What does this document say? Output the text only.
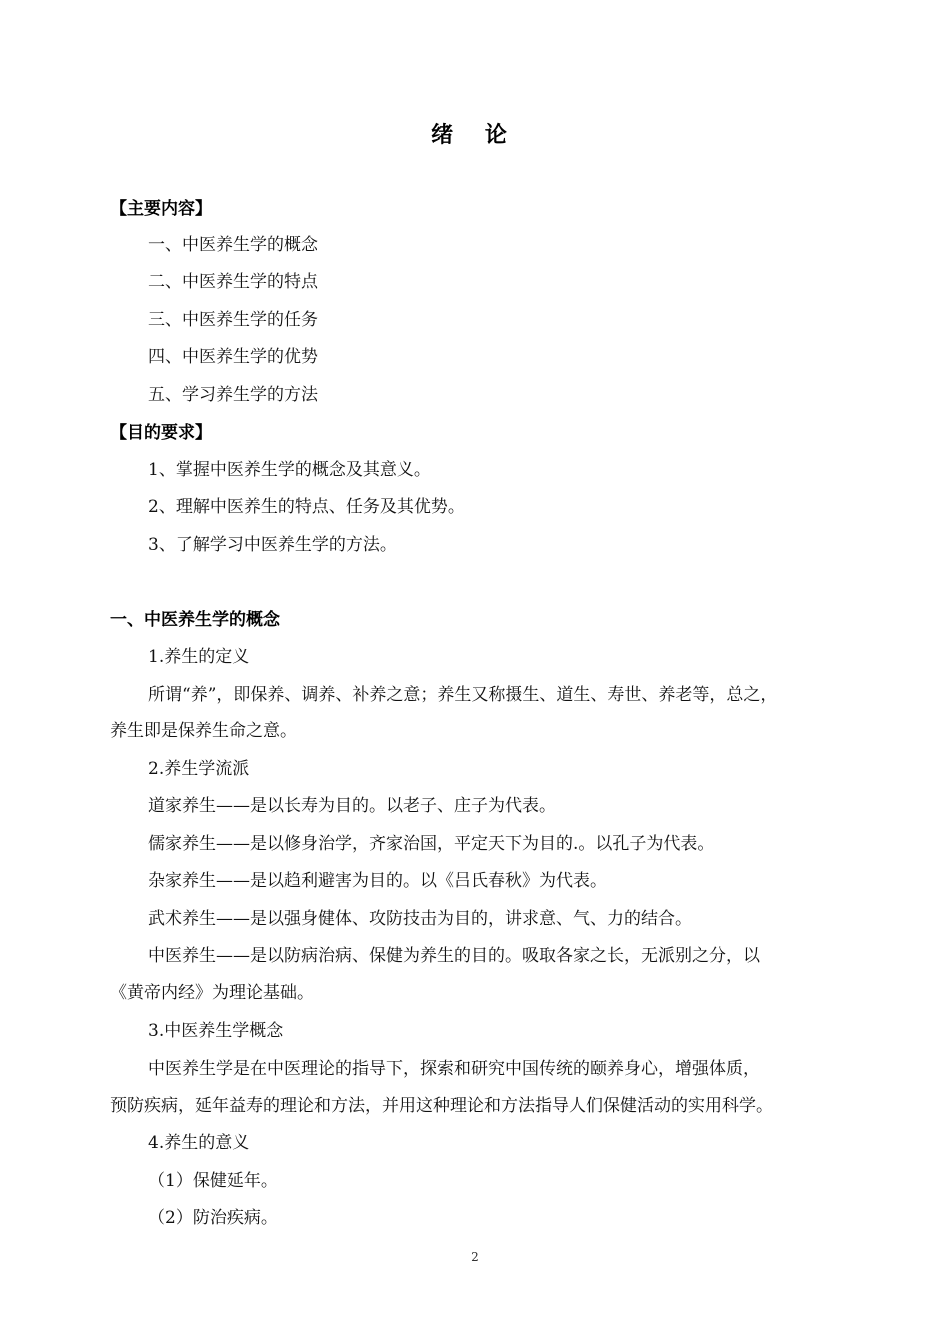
绪 论
【主要内容】
一、中医养生学的概念
二、中医养生学的特点
三、中医养生学的任务
四、中医养生学的优势
五、学习养生学的方法
【目的要求】
1、掌握中医养生学的概念及其意义。
2、理解中医养生的特点、任务及其优势。
3、了解学习中医养生学的方法。
一、中医养生学的概念
1.养生的定义
所谓“养”，即保养、调养、补养之意；养生又称摄生、道生、寿世、养老等，总之，
养生即是保养生命之意。
2.养生学流派
道家养生——是以长寿为目的。以老子、庄子为代表。
儒家养生——是以修身治学，齐家治国，平定天下为目的.。以孔子为代表。
杂家养生——是以趋利避害为目的。以《吕氏春秋》为代表。
武术养生——是以强身健体、攻防技击为目的，讲求意、气、力的结合。
中医养生——是以防病治病、保健为养生的目的。吸取各家之长，无派别之分，以
《黄帝内经》为理论基础。
3.中医养生学概念
中医养生学是在中医理论的指导下，探索和研究中国传统的颐养身心，增强体质，
预防疾病，延年益寿的理论和方法，并用这种理论和方法指导人们保健活动的实用科学。
4.养生的意义
（1）保健延年。
（2）防治疾病。
2
